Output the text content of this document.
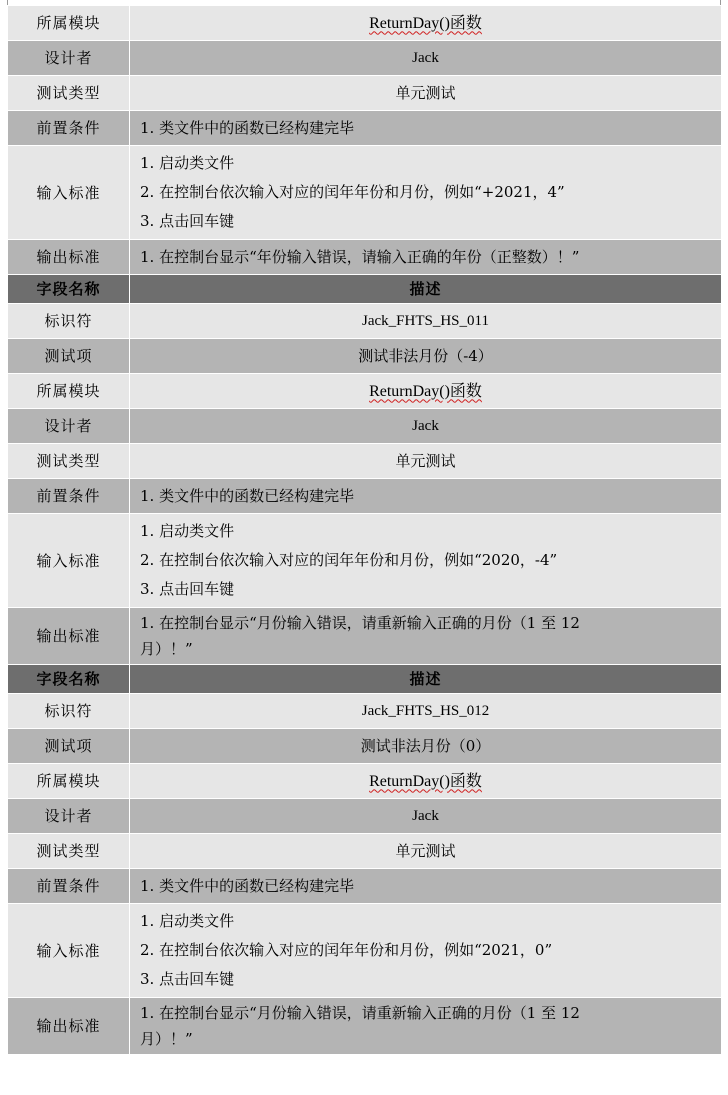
所属模块	ReturnDay()函数
设计者	Jack
测试类型	单元测试
前置条件	1. 类文件中的函数已经构建完毕
输入标准	1. 启动类文件
2. 在控制台依次输入对应的闰年年份和月份，例如“+2021，4”
3. 点击回车键

输出标准	1. 在控制台显示“年份输入错误，请输入正确的年份（正整数）！”
字段名称	描述
标识符	Jack_FHTS_HS_011
测试项	测试非法月份（-4）
所属模块	ReturnDay()函数
设计者	Jack
测试类型	单元测试
前置条件	1. 类文件中的函数已经构建完毕
输入标准	1. 启动类文件
2. 在控制台依次输入对应的闰年年份和月份，例如“2020，-4”
3. 点击回车键

输出标准	1. 在控制台显示“月份输入错误，请重新输入正确的月份（1 至 12
月）！”

字段名称	描述
标识符	Jack_FHTS_HS_012
测试项	测试非法月份（0）
所属模块	ReturnDay()函数
设计者	Jack
测试类型	单元测试
前置条件	1. 类文件中的函数已经构建完毕
输入标准	1. 启动类文件
2. 在控制台依次输入对应的闰年年份和月份，例如“2021，0”
3. 点击回车键

输出标准	1. 在控制台显示“月份输入错误，请重新输入正确的月份（1 至 12
月）！”
